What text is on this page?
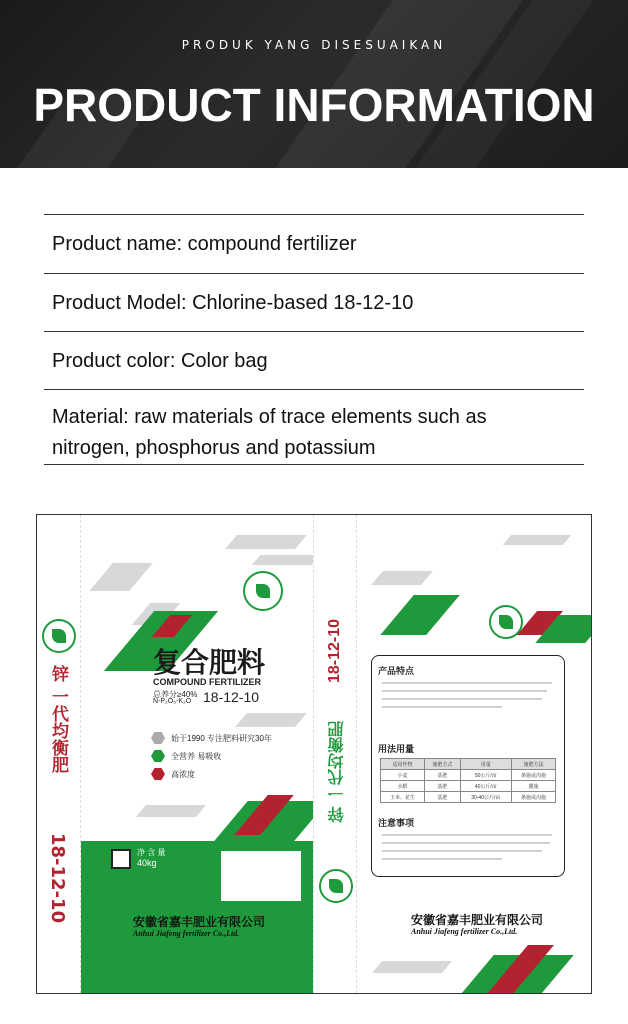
PRODUK YANG DISESUAIKAN
PRODUCT INFORMATION
Product name: compound fertilizer
Product Model: Chlorine-based 18-12-10
Product color: Color bag
Material: raw materials of trace elements such as
nitrogen, phosphorus and potassium
锌 一代均衡肥
18-12-10
复合肥料
COMPOUND FERTILIZER
总养分≥40%
N-P₂O₅-K₂O 18-12-10
始于1990 专注肥料研究30年
全营养 易吸收
高浓度
净 含 量
40kg
安徽省嘉丰肥业有限公司
Anhui Jiafeng fertilizer Co.,Ltd.
18-12-10
锌 一代均衡肥
产品特点
用法用量
适用作物	施肥方式	用量	施肥方法
小麦	基肥	50公斤/亩	条施或沟施
水稻	基肥	40公斤/亩	撒施
玉米、花生	基肥	30-40公斤/亩	条施或沟施
注意事项
安徽省嘉丰肥业有限公司
Anhui Jiafeng fertilizer Co.,Ltd.
